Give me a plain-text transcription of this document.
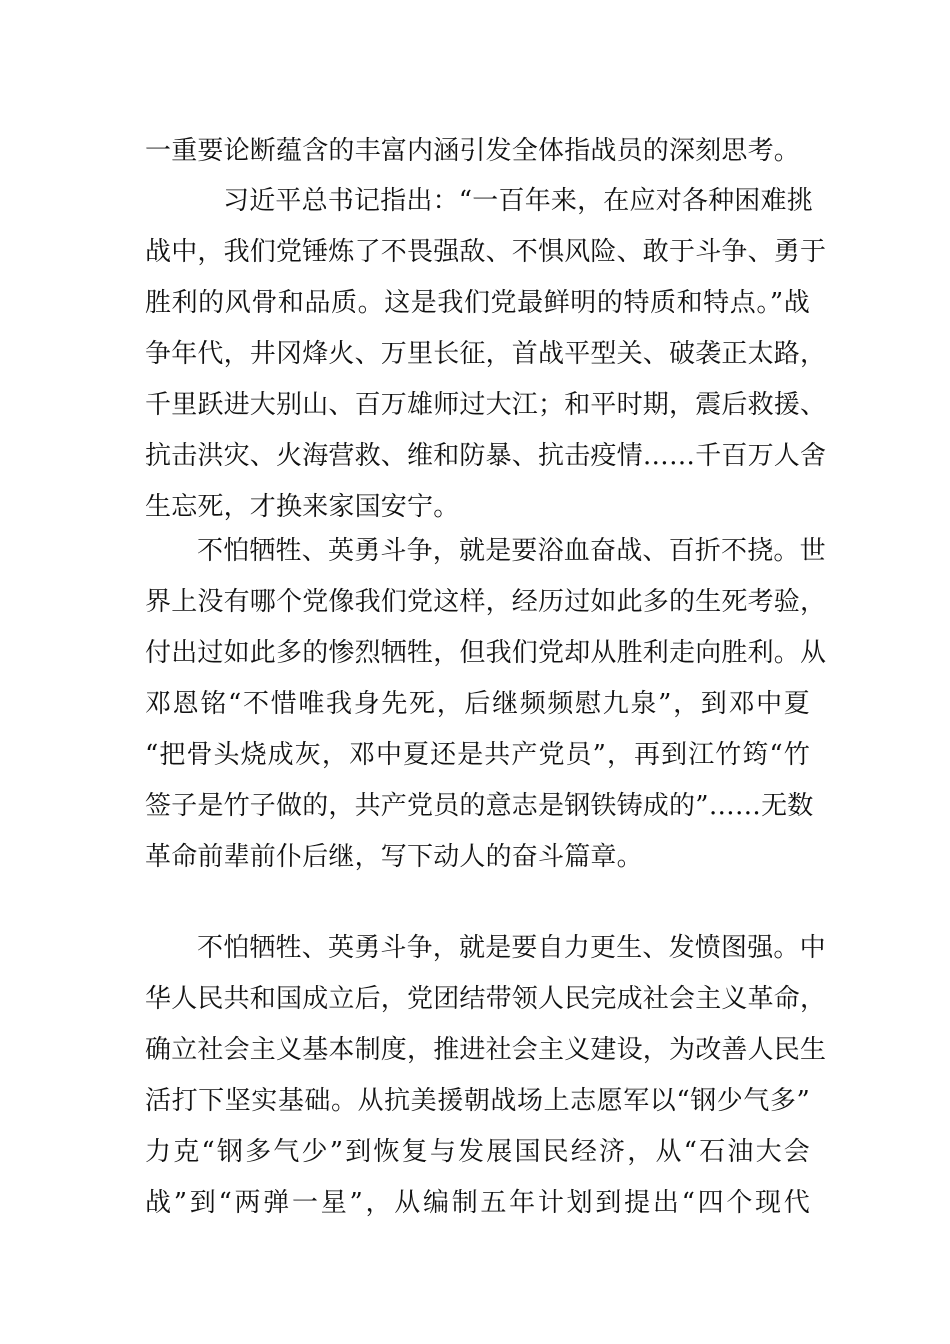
一重要论断蕴含的丰富内涵引发全体指战员的深刻思考。
习近平总书记指出：“一百年来，在应对各种困难挑
战中，我们党锤炼了不畏强敌、不惧风险、敢于斗争、勇于
胜利的风骨和品质。这是我们党最鲜明的特质和特点。”战
争年代，井冈烽火、万里长征，首战平型关、破袭正太路，
千里跃进大别山、百万雄师过大江；和平时期，震后救援、
抗击洪灾、火海营救、维和防暴、抗击疫情……千百万人舍
生忘死，才换来家国安宁。
不怕牺牲、英勇斗争，就是要浴血奋战、百折不挠。世
界上没有哪个党像我们党这样，经历过如此多的生死考验，
付出过如此多的惨烈牺牲，但我们党却从胜利走向胜利。从
邓恩铭“不惜唯我身先死，后继频频慰九泉”，到邓中夏
“把骨头烧成灰，邓中夏还是共产党员”，再到江竹筠“竹
签子是竹子做的，共产党员的意志是钢铁铸成的”……无数
革命前辈前仆后继，写下动人的奋斗篇章。
不怕牺牲、英勇斗争，就是要自力更生、发愤图强。中
华人民共和国成立后，党团结带领人民完成社会主义革命，
确立社会主义基本制度，推进社会主义建设，为改善人民生
活打下坚实基础。从抗美援朝战场上志愿军以“钢少气多”
力克“钢多气少”到恢复与发展国民经济，从“石油大会
战”到“两弹一星”，从编制五年计划到提出“四个现代
